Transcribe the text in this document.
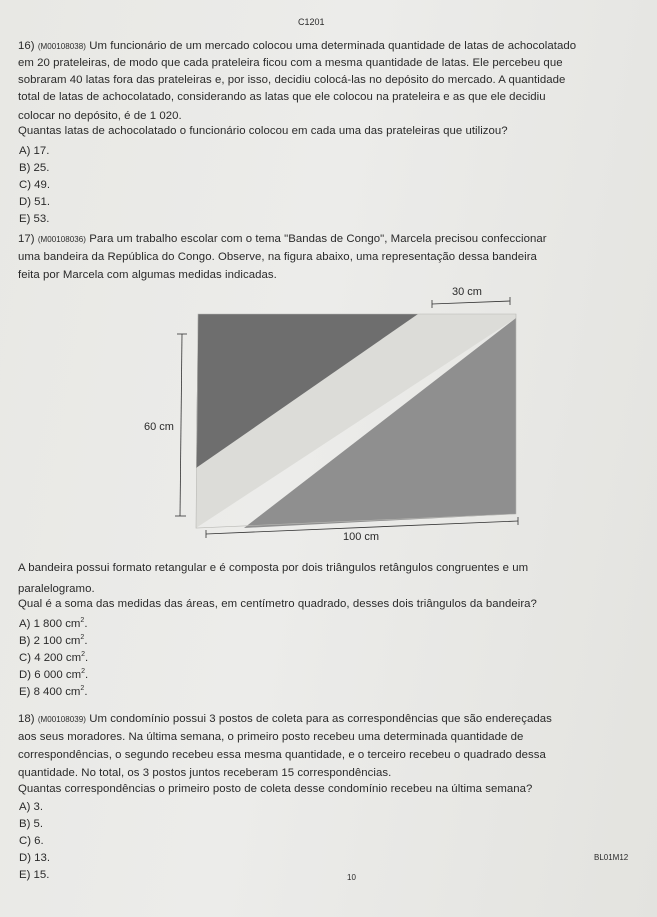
C1201
16) (M00108038) Um funcionário de um mercado colocou uma determinada quantidade de latas de achocolatado
em 20 prateleiras, de modo que cada prateleira ficou com a mesma quantidade de latas. Ele percebeu que
sobraram 40 latas fora das prateleiras e, por isso, decidiu colocá-las no depósito do mercado. A quantidade
total de latas de achocolatado, considerando as latas que ele colocou na prateleira e as que ele decidiu
colocar no depósito, é de 1 020.
Quantas latas de achocolatado o funcionário colocou em cada uma das prateleiras que utilizou?
A) 17.
B) 25.
C) 49.
D) 51.
E) 53.
17) (M00108036) Para um trabalho escolar com o tema "Bandas de Congo", Marcela precisou confeccionar
uma bandeira da República do Congo. Observe, na figura abaixo, uma representação dessa bandeira
feita por Marcela com algumas medidas indicadas.
30 cm
60 cm
100 cm
A bandeira possui formato retangular e é composta por dois triângulos retângulos congruentes e um
paralelogramo.
Qual é a soma das medidas das áreas, em centímetro quadrado, desses dois triângulos da bandeira?
A) 1 800 $cm^2$.
B) 2 100 $cm^2$.
C) 4 200 $cm^2$.
D) 6 000 $cm^2$.
E) 8 400 $cm^2$.
18) (M00108039) Um condomínio possui 3 postos de coleta para as correspondências que são endereçadas
aos seus moradores. Na última semana, o primeiro posto recebeu uma determinada quantidade de
correspondências, o segundo recebeu essa mesma quantidade, e o terceiro recebeu o quadrado dessa
quantidade. No total, os 3 postos juntos receberam 15 correspondências.
Quantas correspondências o primeiro posto de coleta desse condomínio recebeu na última semana?
A) 3.
B) 5.
C) 6.
D) 13.
E) 15.
BL01M12
10
